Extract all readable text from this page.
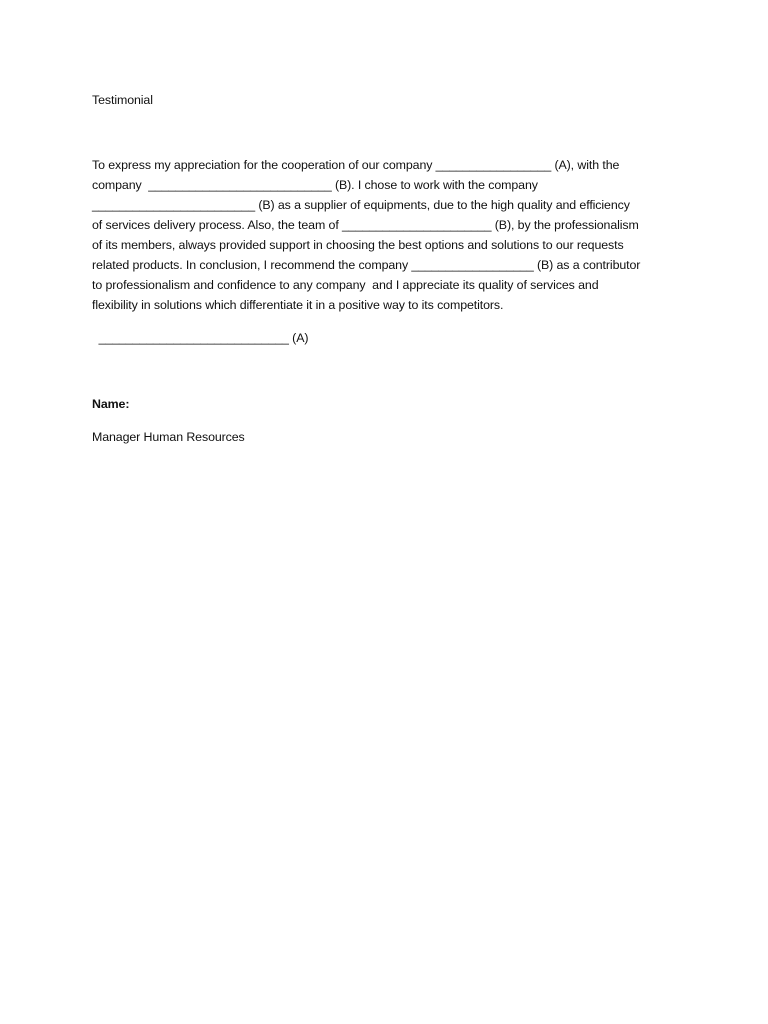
Testimonial

To express my appreciation for the cooperation of our company _________________ (A), with the
company  ___________________________ (B). I chose to work with the company
________________________ (B) as a supplier of equipments, due to the high quality and efficiency
of services delivery process. Also, the team of ______________________ (B), by the professionalism
of its members, always provided support in choosing the best options and solutions to our requests
related products. In conclusion, I recommend the company __________________ (B) as a contributor
to professionalism and confidence to any company  and I appreciate its quality of services and
flexibility in solutions which differentiate it in a positive way to its competitors.
____________________________ (A)
Name:
Manager Human Resources
